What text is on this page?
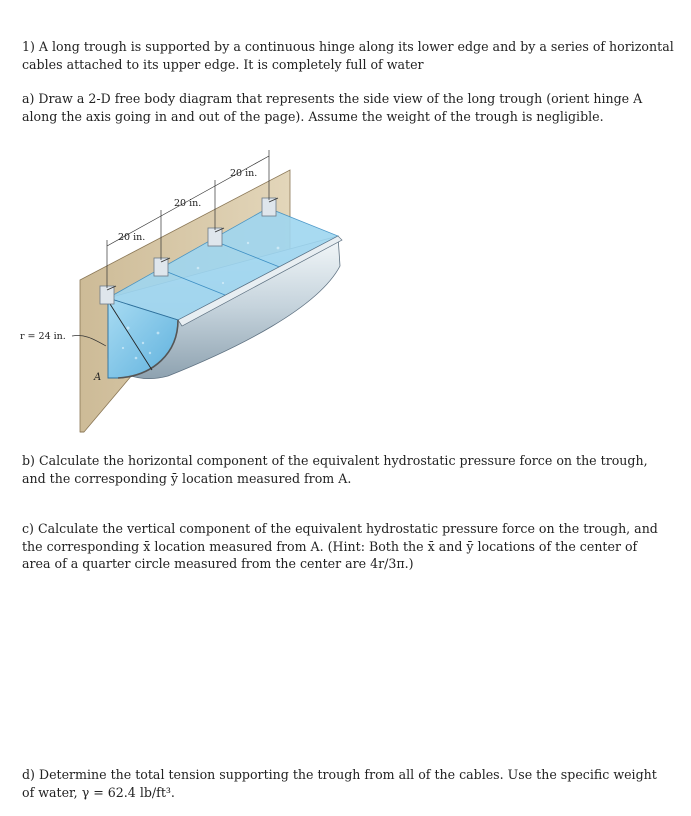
1) A long trough is supported by a continuous hinge along its lower edge and by a series of horizontal
cables attached to its upper edge. It is completely full of water
a) Draw a 2-D free body diagram that represents the side view of the long trough (orient hinge A
along the axis going in and out of the page). Assume the weight of the trough is negligible.
20 in.
20 in.
20 in.
r = 24 in.
A
b) Calculate the horizontal component of the equivalent hydrostatic pressure force on the trough,
and the corresponding ȳ location measured from A.
c) Calculate the vertical component of the equivalent hydrostatic pressure force on the trough, and
the corresponding x̄ location measured from A. (Hint: Both the x̄ and ȳ locations of the center of
area of a quarter circle measured from the center are 4r/3π.)
d) Determine the total tension supporting the trough from all of the cables. Use the specific weight
of water, γ = 62.4 lb/ft³.
